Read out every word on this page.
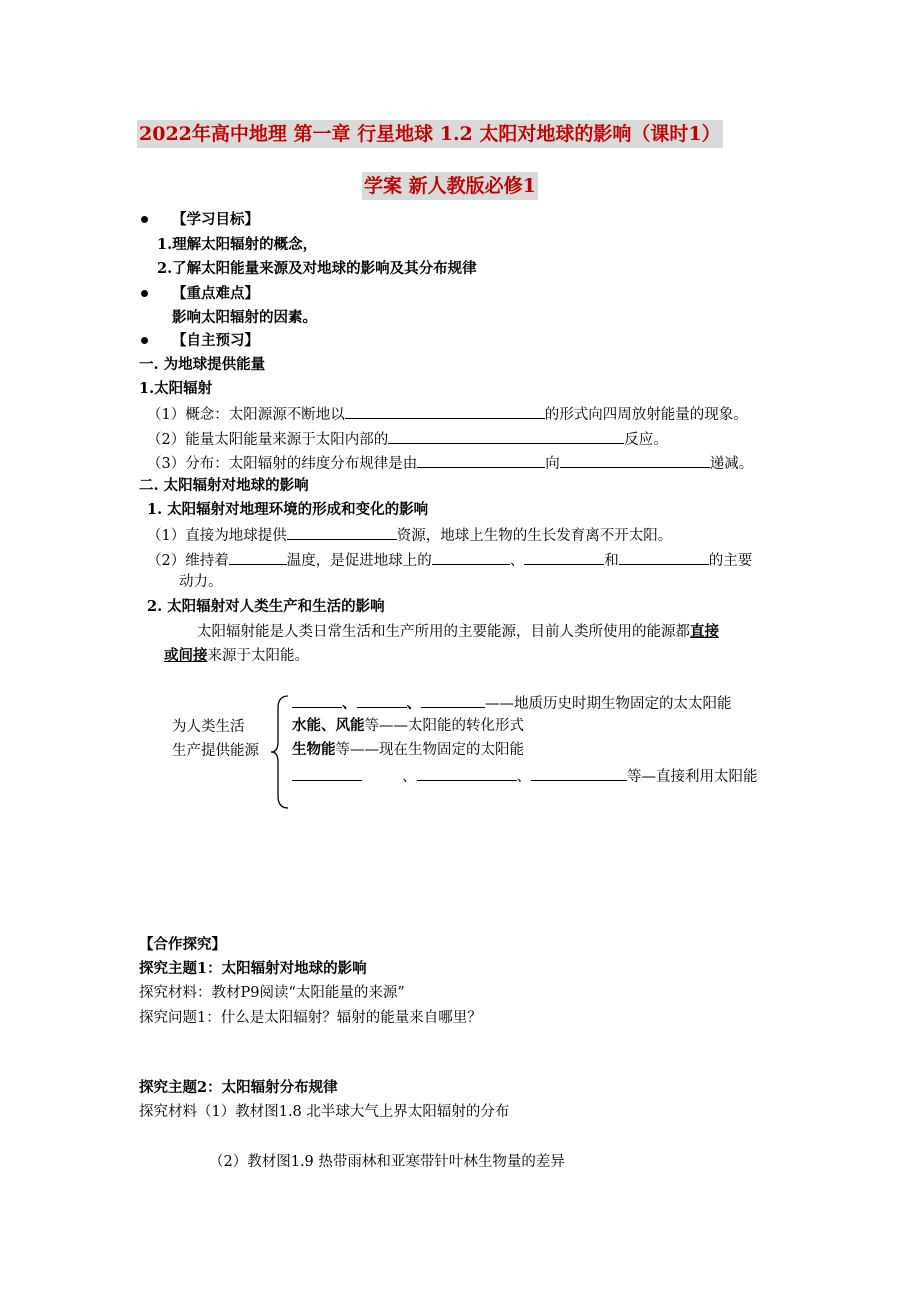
2022年高中地理 第一章 行星地球 1.2 太阳对地球的影响（课时1）
学案 新人教版必修1
【学习目标】
1.理解太阳辐射的概念，
2.了解太阳能量来源及对地球的影响及其分布规律
【重点难点】
影响太阳辐射的因素。
【自主预习】
一. 为地球提供能量
1.太阳辐射
（1）概念：太阳源源不断地以	的形式向四周放射能量的现象。
（2）能量太阳能量来源于太阳内部的	反应。
（3）分布：太阳辐射的纬度分布规律是由	向	递减。
二. 太阳辐射对地球的影响
1. 太阳辐射对地理环境的形成和变化的影响
（1）直接为地球提供	资源，地球上生物的生长发育离不开太阳。
（2）维持着	温度，是促进地球上的	、	和	的主要
动力。
2. 太阳辐射对人类生产和生活的影响
太阳辐射能是人类日常生活和生产所用的主要能源，目前人类所使用的能源都直接
或间接来源于太阳能。
为人类生活
生产提供能源
、	、	——地质历史时期生物固定的太太阳能
水能、风能等——太阳能的转化形式
生物能等——现在生物固定的太阳能
、	、	等—直接利用太阳能
【合作探究】
探究主题1：太阳辐射对地球的影响
探究材料：教材P9阅读“太阳能量的来源”
探究问题1：什么是太阳辐射？辐射的能量来自哪里？
探究主题2：太阳辐射分布规律
探究材料（1）教材图1.8 北半球大气上界太阳辐射的分布
（2）教材图1.9 热带雨林和亚寒带针叶林生物量的差异
